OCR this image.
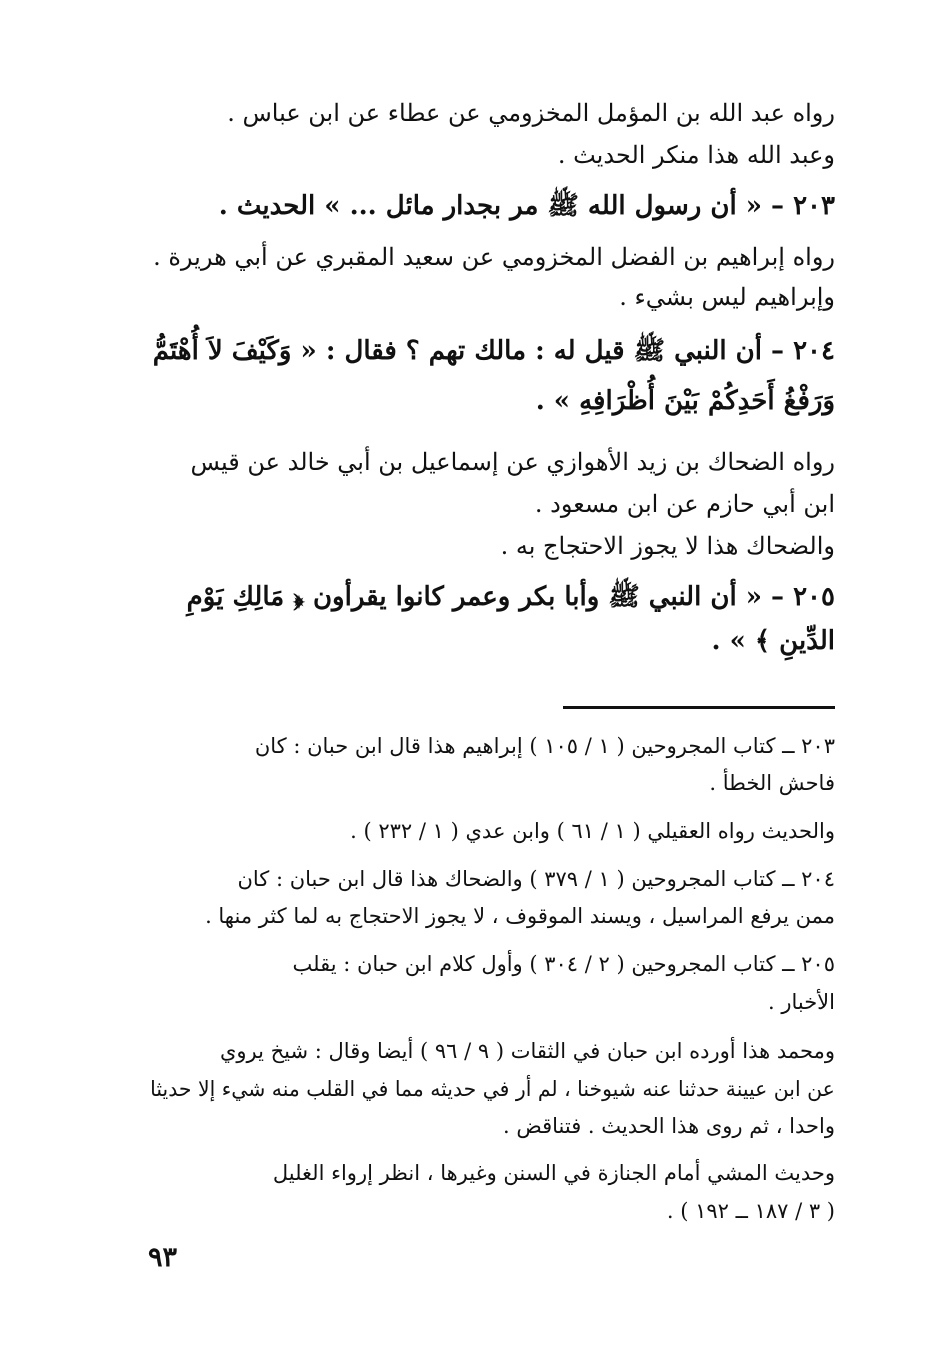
رواه عبد الله بن المؤمل المخزومي عن عطاء عن ابن عباس .
وعبد الله هذا منكر الحديث .
٢٠٣ – « أن رسول الله ﷺ مر بجدار مائل ... » الحديث .
رواه إبراهيم بن الفضل المخزومي عن سعيد المقبري عن أبي هريرة .
وإبراهيم ليس بشيء .
٢٠٤ – أن النبي ﷺ قيل له : مالك تهم ؟ فقال : « وَكَيْفَ لاَ أُهْتَمُّ
وَرَفْغُ أَحَدِكُمْ بَيْنَ أُظْرَافِهِ » .
رواه الضحاك بن زيد الأهوازي عن إسماعيل بن أبي خالد عن قيس
ابن أبي حازم عن ابن مسعود .
والضحاك هذا لا يجوز الاحتجاج به .
٢٠٥ – « أن النبي ﷺ وأبا بكر وعمر كانوا يقرأون ﴿ مَالِكِ يَوْمِ
الدِّينِ ﴾ » .
٢٠٣ ــ كتاب المجروحين ( ١ / ١٠٥ ) إبراهيم هذا قال ابن حبان : كان
فاحش الخطأ .
والحديث رواه العقيلي ( ١ / ٦١ ) وابن عدي ( ١ / ٢٣٢ ) .
٢٠٤ ــ كتاب المجروحين ( ١ / ٣٧٩ ) والضحاك هذا قال ابن حبان : كان
ممن يرفع المراسيل ، ويسند الموقوف ، لا يجوز الاحتجاج به لما كثر منها .
٢٠٥ ــ كتاب المجروحين ( ٢ / ٣٠٤ ) وأول كلام ابن حبان : يقلب
الأخبار .
ومحمد هذا أورده ابن حبان في الثقات ( ٩ / ٩٦ ) أيضا وقال : شيخ يروي
عن ابن عيينة حدثنا عنه شيوخنا ، لم أر في حديثه مما في القلب منه شيء إلا حديثا
واحدا ، ثم روى هذا الحديث . فتناقض .
وحديث المشي أمام الجنازة في السنن وغيرها ، انظر إرواء الغليل
( ٣ / ١٨٧ ــ ١٩٢ ) .
٩٣
